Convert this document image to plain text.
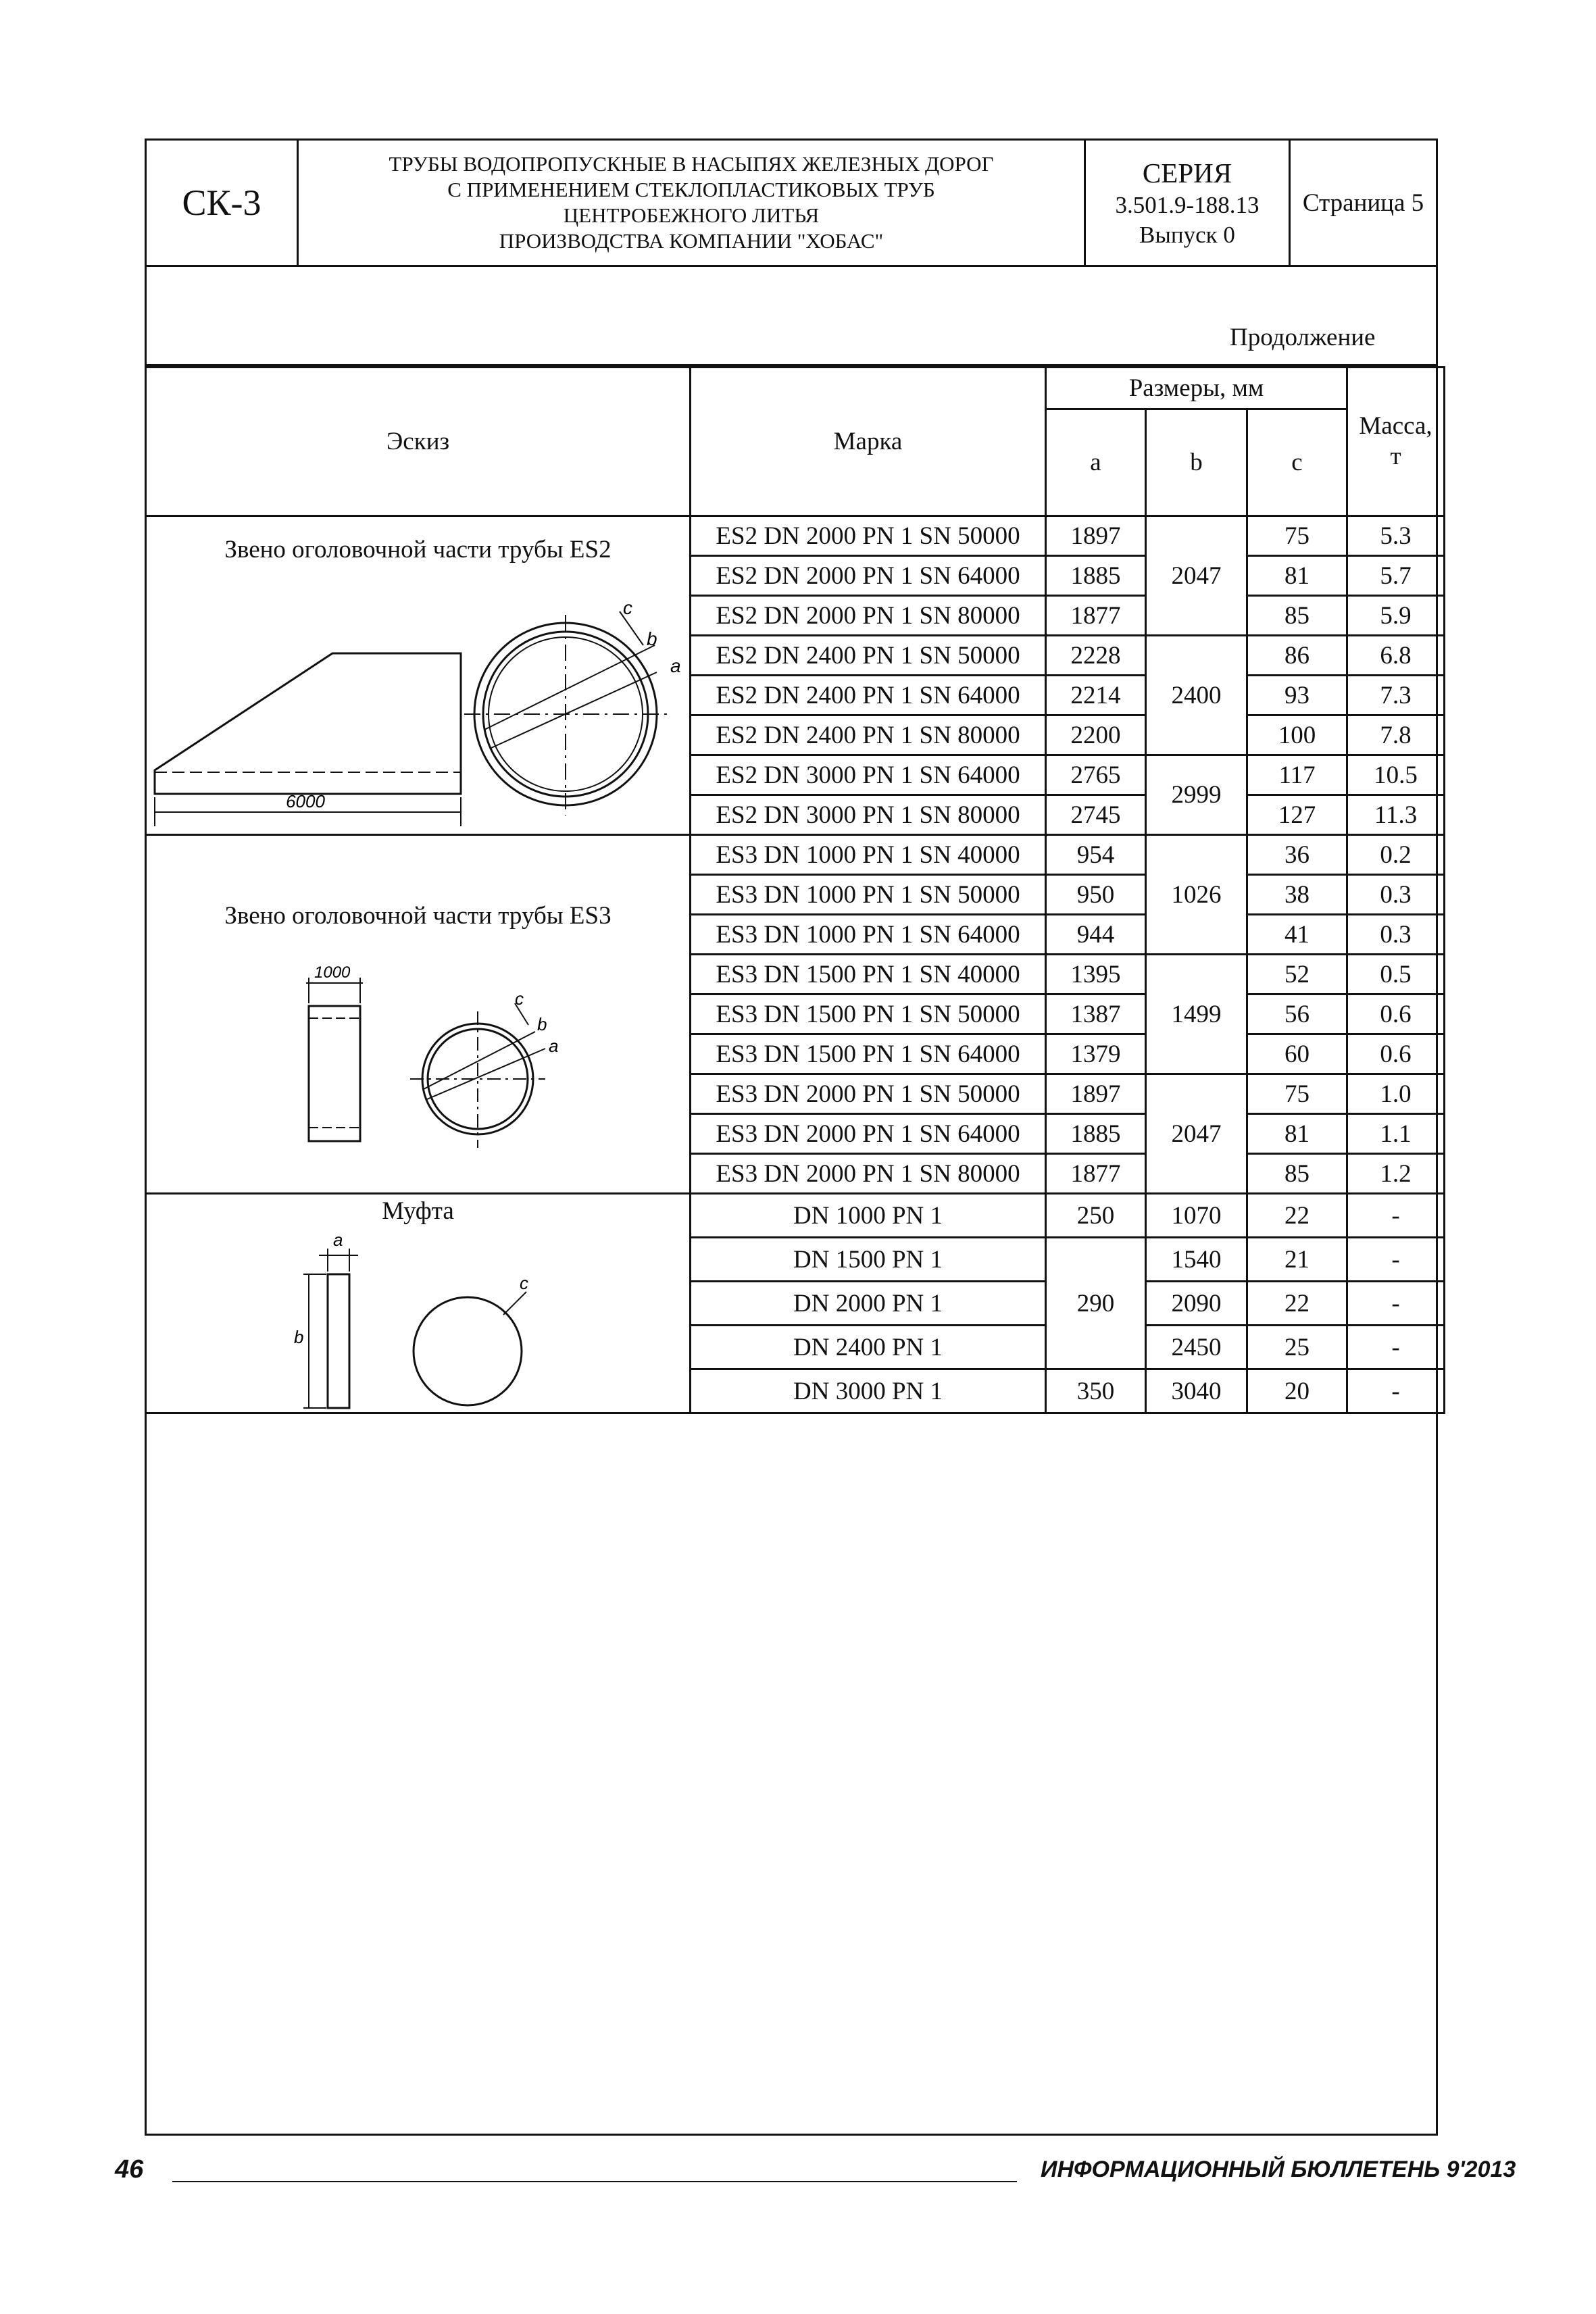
СК-3	
ТРУБЫ ВОДОПРОПУСКНЫЕ В НАСЫПЯХ ЖЕЛЕЗНЫХ ДОРОГ
С ПРИМЕНЕНИЕМ СТЕКЛОПЛАСТИКОВЫХ ТРУБ
ЦЕНТРОБЕЖНОГО ЛИТЬЯ
ПРОИЗВОДСТВА КОМПАНИИ "ХОБАС"

СЕРИЯ
3.501.9-188.13
Выпуск 0
	Страница 5
Продолжение
Эскиз	Марка	Размеры, мм			Масса,
т

		a	b	c	

Звено оголовочной части трубы ES2
6000
c
b
a	ES2 DN 2000 PN 1 SN 50000	1897	2047	75	5.3
	ES2 DN 2000 PN 1 SN 64000	1885		81	5.7
	ES2 DN 2000 PN 1 SN 80000	1877		85	5.9
	ES2 DN 2400 PN 1 SN 50000	2228	2400	86	6.8
	ES2 DN 2400 PN 1 SN 64000	2214		93	7.3
	ES2 DN 2400 PN 1 SN 80000	2200		100	7.8
	ES2 DN 3000 PN 1 SN 64000	2765	2999	117	10.5
	ES2 DN 3000 PN 1 SN 80000	2745		127	11.3

Звено оголовочной части трубы ES3
1000
c
b
a	ES3 DN 1000 PN 1 SN 40000	954	1026	36	0.2
	ES3 DN 1000 PN 1 SN 50000	950		38	0.3
	ES3 DN 1000 PN 1 SN 64000	944		41	0.3
	ES3 DN 1500 PN 1 SN 40000	1395	1499	52	0.5
	ES3 DN 1500 PN 1 SN 50000	1387		56	0.6
	ES3 DN 1500 PN 1 SN 64000	1379		60	0.6
	ES3 DN 2000 PN 1 SN 50000	1897	2047	75	1.0
	ES3 DN 2000 PN 1 SN 64000	1885		81	1.1
	ES3 DN 2000 PN 1 SN 80000	1877		85	1.2

Муфта
a
b
c	DN 1000 PN 1	250	1070	22	-
	DN 1500 PN 1	290	1540	21	-
	DN 2000 PN 1		2090	22	-
	DN 2400 PN 1		2450	25	-
	DN 3000 PN 1	350	3040	20	-
46	ИНФОРМАЦИОННЫЙ БЮЛЛЕТЕНЬ 9'2013
